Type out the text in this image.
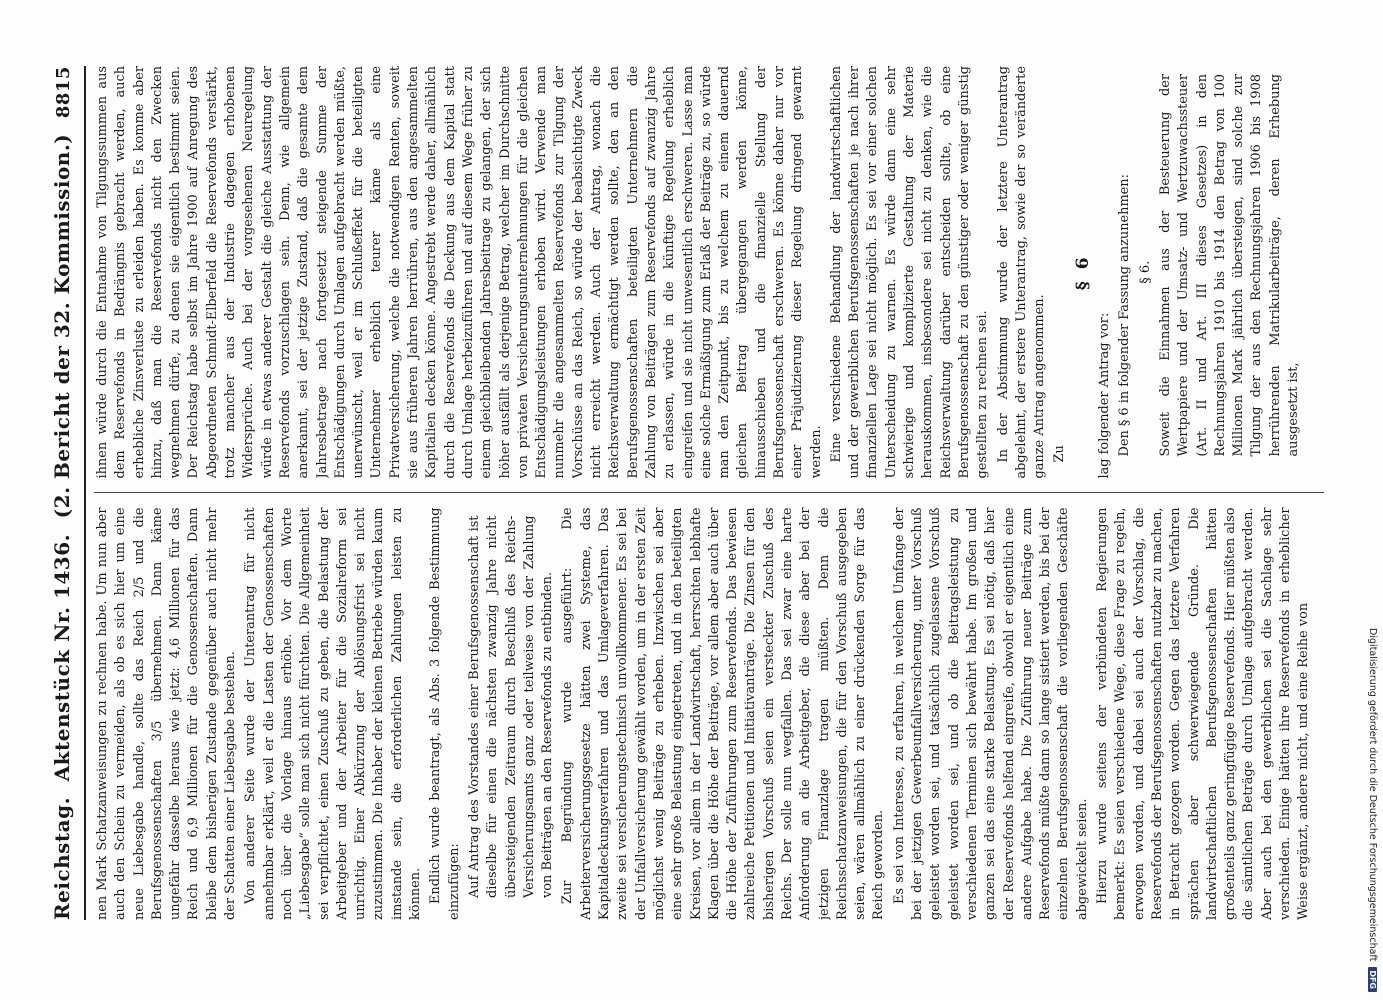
Reichstag.
Aktenstück Nr. 1436.
(2. Bericht der 32. Kommission.)
8815

nen Mark Schatzanweisungen zu rechnen habe. Um nun aber auch den Schein zu vermeiden, als ob es sich hier um eine neue Liebesgabe handle, sollte das Reich 2/5 und die Berufsgenossenschaften 3/5 übernehmen. Dann käme ungefähr dasselbe heraus wie jetzt: 4,6 Millionen für das Reich und 6,9 Millionen für die Genossenschaften. Dann bleibe dem bisherigen Zustande gegenüber auch nicht mehr der Schatten einer Liebesgabe bestehen. Von anderer Seite wurde der Unterantrag für nicht annehmbar erklärt, weil er die Lasten der Genossenschaften noch über die Vorlage hinaus erhöhe. Vor dem Worte „Liebesgabe“ solle man sich nicht fürchten. Die Allgemeinheit sei verpflichtet, einen Zuschuß zu geben, die Belastung der Arbeitgeber und der Arbeiter für die Sozialreform sei unrichtig. Einer Abkürzung der Ablösungsfrist sei nicht zuzustimmen. Die Inhaber der kleinen Betriebe würden kaum imstande sein, die erforderlichen Zahlungen leisten zu können. Endlich wurde beantragt, als Abs. 3 folgende Bestimmung einzufügen: Auf Antrag des Vorstandes einer Berufsgenossenschaft ist dieselbe für einen die nächsten zwanzig Jahre nicht übersteigenden Zeitraum durch Beschluß des Reichs-Versicherungsamts ganz oder teilweise von der Zahlung von Beiträgen an den Reservefonds zu entbinden. Zur Begründung wurde ausgeführt: Die Arbeiterversicherungsgesetze hätten zwei Systeme, das Kapitaldeckungsverfahren und das Umlageverfahren. Das zweite sei versicherungstechnisch unvollkommener. Es sei bei der Unfallversicherung gewählt worden, um in der ersten Zeit möglichst wenig Beiträge zu erheben. Inzwischen sei aber eine sehr große Belastung eingetreten, und in den beteiligten Kreisen, vor allem in der Landwirtschaft, herrschten lebhafte Klagen über die Höhe der Beiträge, vor allem aber auch über die Höhe der Zuführungen zum Reservefonds. Das bewiesen zahlreiche Petitionen und Initiativanträge. Die Zinsen für den bisherigen Vorschuß seien ein versteckter Zuschuß des Reichs. Der solle nun wegfallen. Das sei zwar eine harte Anforderung an die Arbeitgeber, die diese aber bei der jetzigen Finanzlage tragen müßten. Denn die Reichsschatzanweisungen, die für den Vorschuß ausgegeben seien, wären allmählich zu einer drückenden Sorge für das Reich geworden. Es sei von Interesse, zu erfahren, in welchem Umfange der bei der jetzigen Gewerbeunfallversicherung, unter Vorschuß geleistet worden sei, und tatsächlich zugelassene Vorschuß geleistet worden sei, und ob die Beitragsleistung zu verschiedenen Terminen sich bewährt habe. Im großen und ganzen sei das eine starke Belastung. Es sei nötig, daß hier der Reservefonds helfend eingreife, obwohl er eigentlich eine andere Aufgabe habe. Die Zuführung neuer Beiträge zum Reservefonds müßte dann so lange sistiert werden, bis bei der einzelnen Berufsgenossenschaft die vorliegenden Geschäfte abgewickelt seien. Hierzu wurde seitens der verbündeten Regierungen bemerkt: Es seien verschiedene Wege, diese Frage zu regeln, erwogen worden, und dabei sei auch der Vorschlag, die Reservefonds der Berufsgenossenschaften nutzbar zu machen, in Betracht gezogen worden. Gegen das letztere Verfahren sprächen aber schwerwiegende Gründe. Die landwirtschaftlichen Berufsgenossenschaften hätten großenteils ganz geringfügige Reservefonds. Hier müßten also die sämtlichen Beträge durch Umlage aufgebracht werden. Aber auch bei den gewerblichen sei die Sachlage sehr verschieden. Einige hätten ihre Reservefonds in erheblicher Weise ergänzt, andere nicht, und eine Reihe von

ihnen würde durch die Entnahme von Tilgungssummen aus dem Reservefonds in Bedrängnis gebracht werden, auch erhebliche Zinsverluste zu erleiden haben. Es komme aber hinzu, daß man die Reservefonds nicht den Zwecken wegnehmen dürfe, zu denen sie eigentlich bestimmt seien. Der Reichstag habe selbst im Jahre 1900 auf Anregung des Abgeordneten Schmidt-Elberfeld die Reservefonds verstärkt, trotz mancher aus der Industrie dagegen erhobenen Widersprüche. Auch bei der vorgesehenen Neuregelung würde in etwas anderer Gestalt die gleiche Ausstattung der Reservefonds vorzuschlagen sein. Denn, wie allgemein anerkannt, sei der jetzige Zustand, daß die gesamte dem Jahresbetrage nach fortgesetzt steigende Summe der Entschädigungen durch Umlagen aufgebracht werden müßte, unerwünscht, weil er im Schlußeffekt für die beteiligten Unternehmer erheblich teurer käme als eine Privatversicherung, welche die notwendigen Renten, soweit sie aus früheren Jahren herrühren, aus den angesammelten Kapitalien decken könne. Angestrebt werde daher, allmählich durch die Reservefonds die Deckung aus dem Kapital statt durch Umlage herbeizuführen und auf diesem Wege früher zu einem gleichbleibenden Jahresbeitrage zu gelangen, der sich höher ausfällt als derjenige Betrag, welcher im Durchschnitte von privaten Versicherungsunternehmungen für die gleichen Entschädigungsleistungen erhoben wird. Verwende man nunmehr die angesammelten Reservefonds zur Tilgung der Vorschüsse an das Reich, so würde der beabsichtigte Zweck nicht erreicht werden. Auch der Antrag, wonach die Reichsverwaltung ermächtigt werden sollte, den an den Berufsgenossenschaften beteiligten Unternehmern die Zahlung von Beiträgen zum Reservefonds auf zwanzig Jahre zu erlassen, würde in die künftige Regelung erheblich eingreifen und sie nicht unwesentlich erschweren. Lasse man eine solche Ermäßigung zum Erlaß der Beiträge zu, so würde man den Zeitpunkt, bis zu welchem zu einem dauernd gleichen Beitrag übergegangen werden könne, hinausschieben und die finanzielle Stellung der Berufsgenossenschaft erschweren. Es könne daher nur vor einer Präjudizierung dieser Regelung dringend gewarnt werden. Eine verschiedene Behandlung der landwirtschaftlichen und der gewerblichen Berufsgenossenschaften je nach ihrer finanziellen Lage sei nicht möglich. Es sei vor einer solchen Unterscheidung zu warnen. Es würde dann eine sehr schwierige und komplizierte Gestaltung der Materie herauskommen, insbesondere sei nicht zu denken, wie die Reichsverwaltung darüber entscheiden sollte, ob eine Berufsgenossenschaft zu den günstiger oder weniger günstig gestellten zu rechnen sei. In der Abstimmung wurde der letztere Unterantrag abgelehnt, der erstere Unterantrag, sowie der so veränderte ganze Antrag angenommen. Zu

§ 6

lag folgender Antrag vor: Den § 6 in folgender Fassung anzunehmen: § 6. Soweit die Einnahmen aus der Besteuerung der Wertpapiere und der Umsatz- und Wertzuwachssteuer (Art. II und Art. III dieses Gesetzes) in den Rechnungsjahren 1910 bis 1914 den Betrag von 100 Millionen Mark jährlich übersteigen, sind solche zur Tilgung der aus den Rechnungsjahren 1906 bis 1908 herrührenden Matrikularbeiträge, deren Erhebung ausgesetzt ist,

Digitalisierung gefördert durch die Deutsche Forschungsgemeinschaft
DFG
